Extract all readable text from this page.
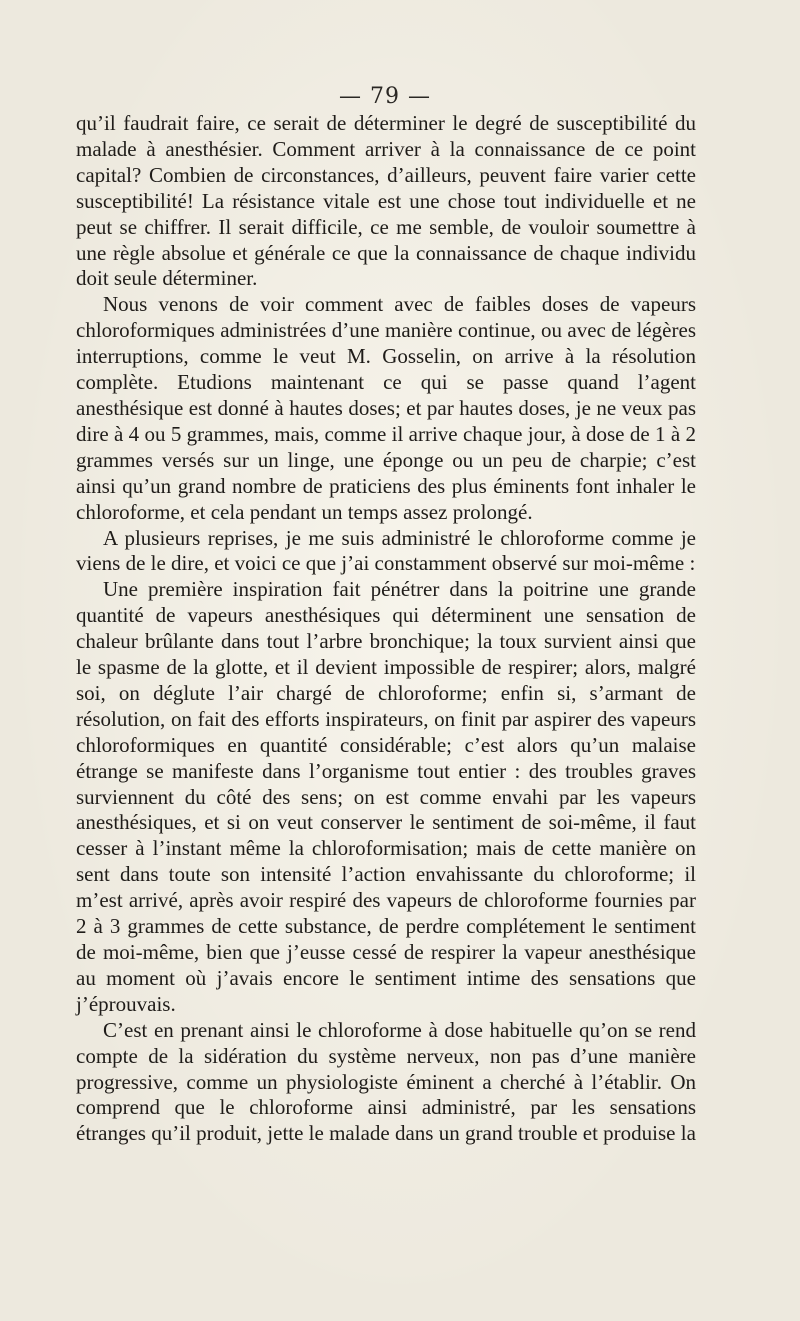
— 79 —

qu’il faudrait faire, ce serait de déterminer le degré de susceptibilité du malade à anesthésier. Comment arriver à la connaissance de ce point capital? Combien de circonstances, d’ailleurs, peuvent faire varier cette susceptibilité! La résistance vitale est une chose tout individuelle et ne peut se chiffrer. Il serait difficile, ce me semble, de vouloir soumettre à une règle absolue et générale ce que la connaissance de chaque individu doit seule déterminer.

Nous venons de voir comment avec de faibles doses de vapeurs chloroformiques administrées d’une manière continue, ou avec de légères interruptions, comme le veut M. Gosselin, on arrive à la résolution complète. Etudions maintenant ce qui se passe quand l’agent anesthésique est donné à hautes doses; et par hautes doses, je ne veux pas dire à 4 ou 5 grammes, mais, comme il arrive chaque jour, à dose de 1 à 2 grammes versés sur un linge, une éponge ou un peu de charpie; c’est ainsi qu’un grand nombre de praticiens des plus éminents font inhaler le chloroforme, et cela pendant un temps assez prolongé.

A plusieurs reprises, je me suis administré le chloroforme comme je viens de le dire, et voici ce que j’ai constamment observé sur moi-même :

Une première inspiration fait pénétrer dans la poitrine une grande quantité de vapeurs anesthésiques qui déterminent une sensation de chaleur brûlante dans tout l’arbre bronchique; la toux survient ainsi que le spasme de la glotte, et il devient impossible de respirer; alors, malgré soi, on déglute l’air chargé de chloroforme; enfin si, s’armant de résolution, on fait des efforts inspirateurs, on finit par aspirer des vapeurs chloroformiques en quantité considérable; c’est alors qu’un malaise étrange se manifeste dans l’organisme tout entier : des troubles graves surviennent du côté des sens; on est comme envahi par les vapeurs anesthésiques, et si on veut conserver le sentiment de soi-même, il faut cesser à l’instant même la chloroformisation; mais de cette manière on sent dans toute son intensité l’action envahissante du chloroforme; il m’est arrivé, après avoir respiré des vapeurs de chloroforme fournies par 2 à 3 grammes de cette substance, de perdre complétement le sentiment de moi-même, bien que j’eusse cessé de respirer la vapeur anesthésique au moment où j’avais encore le sentiment intime des sensations que j’éprouvais.

C’est en prenant ainsi le chloroforme à dose habituelle qu’on se rend compte de la sidération du système nerveux, non pas d’une manière progressive, comme un physiologiste éminent a cherché à l’établir. On comprend que le chloroforme ainsi administré, par les sensations étranges qu’il produit, jette le malade dans un grand trouble et produise la
